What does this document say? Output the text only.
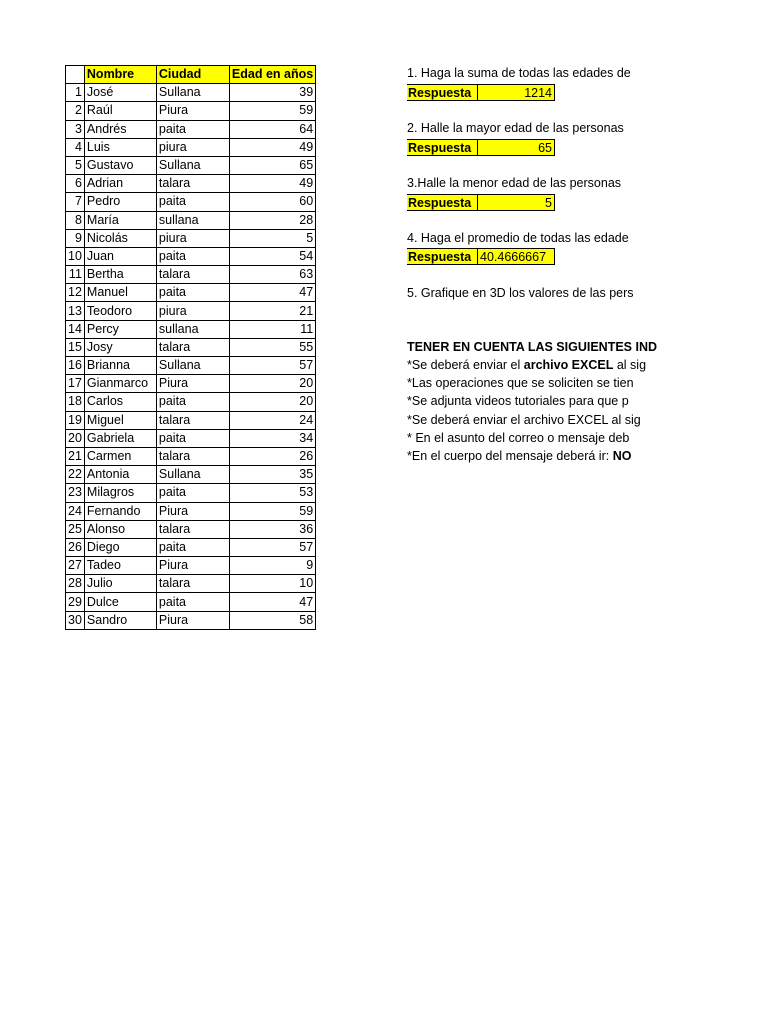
	Nombre	Ciudad	Edad en años
1	José	Sullana	39
2	Raúl	Piura	59
3	Andrés	paita	64
4	Luis	piura	49
5	Gustavo	Sullana	65
6	Adrian	talara	49
7	Pedro	paita	60
8	María	sullana	28
9	Nicolás	piura	5
10	Juan	paita	54
11	Bertha	talara	63
12	Manuel	paita	47
13	Teodoro	piura	21
14	Percy	sullana	11
15	Josy	talara	55
16	Brianna	Sullana	57
17	Gianmarco	Piura	20
18	Carlos	paita	20
19	Miguel	talara	24
20	Gabriela	paita	34
21	Carmen	talara	26
22	Antonia	Sullana	35
23	Milagros	paita	53
24	Fernando	Piura	59
25	Alonso	talara	36
26	Diego	paita	57
27	Tadeo	Piura	9
28	Julio	talara	10
29	Dulce	paita	47
30	Sandro	Piura	58
1. Haga la suma de todas las edades de
Respuesta	1214
2. Halle la mayor edad de las personas
Respuesta	65
3.Halle la menor edad de las personas
Respuesta	5
4. Haga el promedio de todas las edade
Respuesta 40.4666667
5. Grafique en 3D los valores de las pers
TENER EN CUENTA LAS SIGUIENTES IND
*Se deberá enviar el archivo EXCEL al sig
*Las operaciones que se soliciten se tien
*Se adjunta videos tutoriales para que p
*Se deberá enviar el archivo EXCEL al sig
* En el asunto del correo o mensaje deb
*En el cuerpo del mensaje deberá ir: NO
